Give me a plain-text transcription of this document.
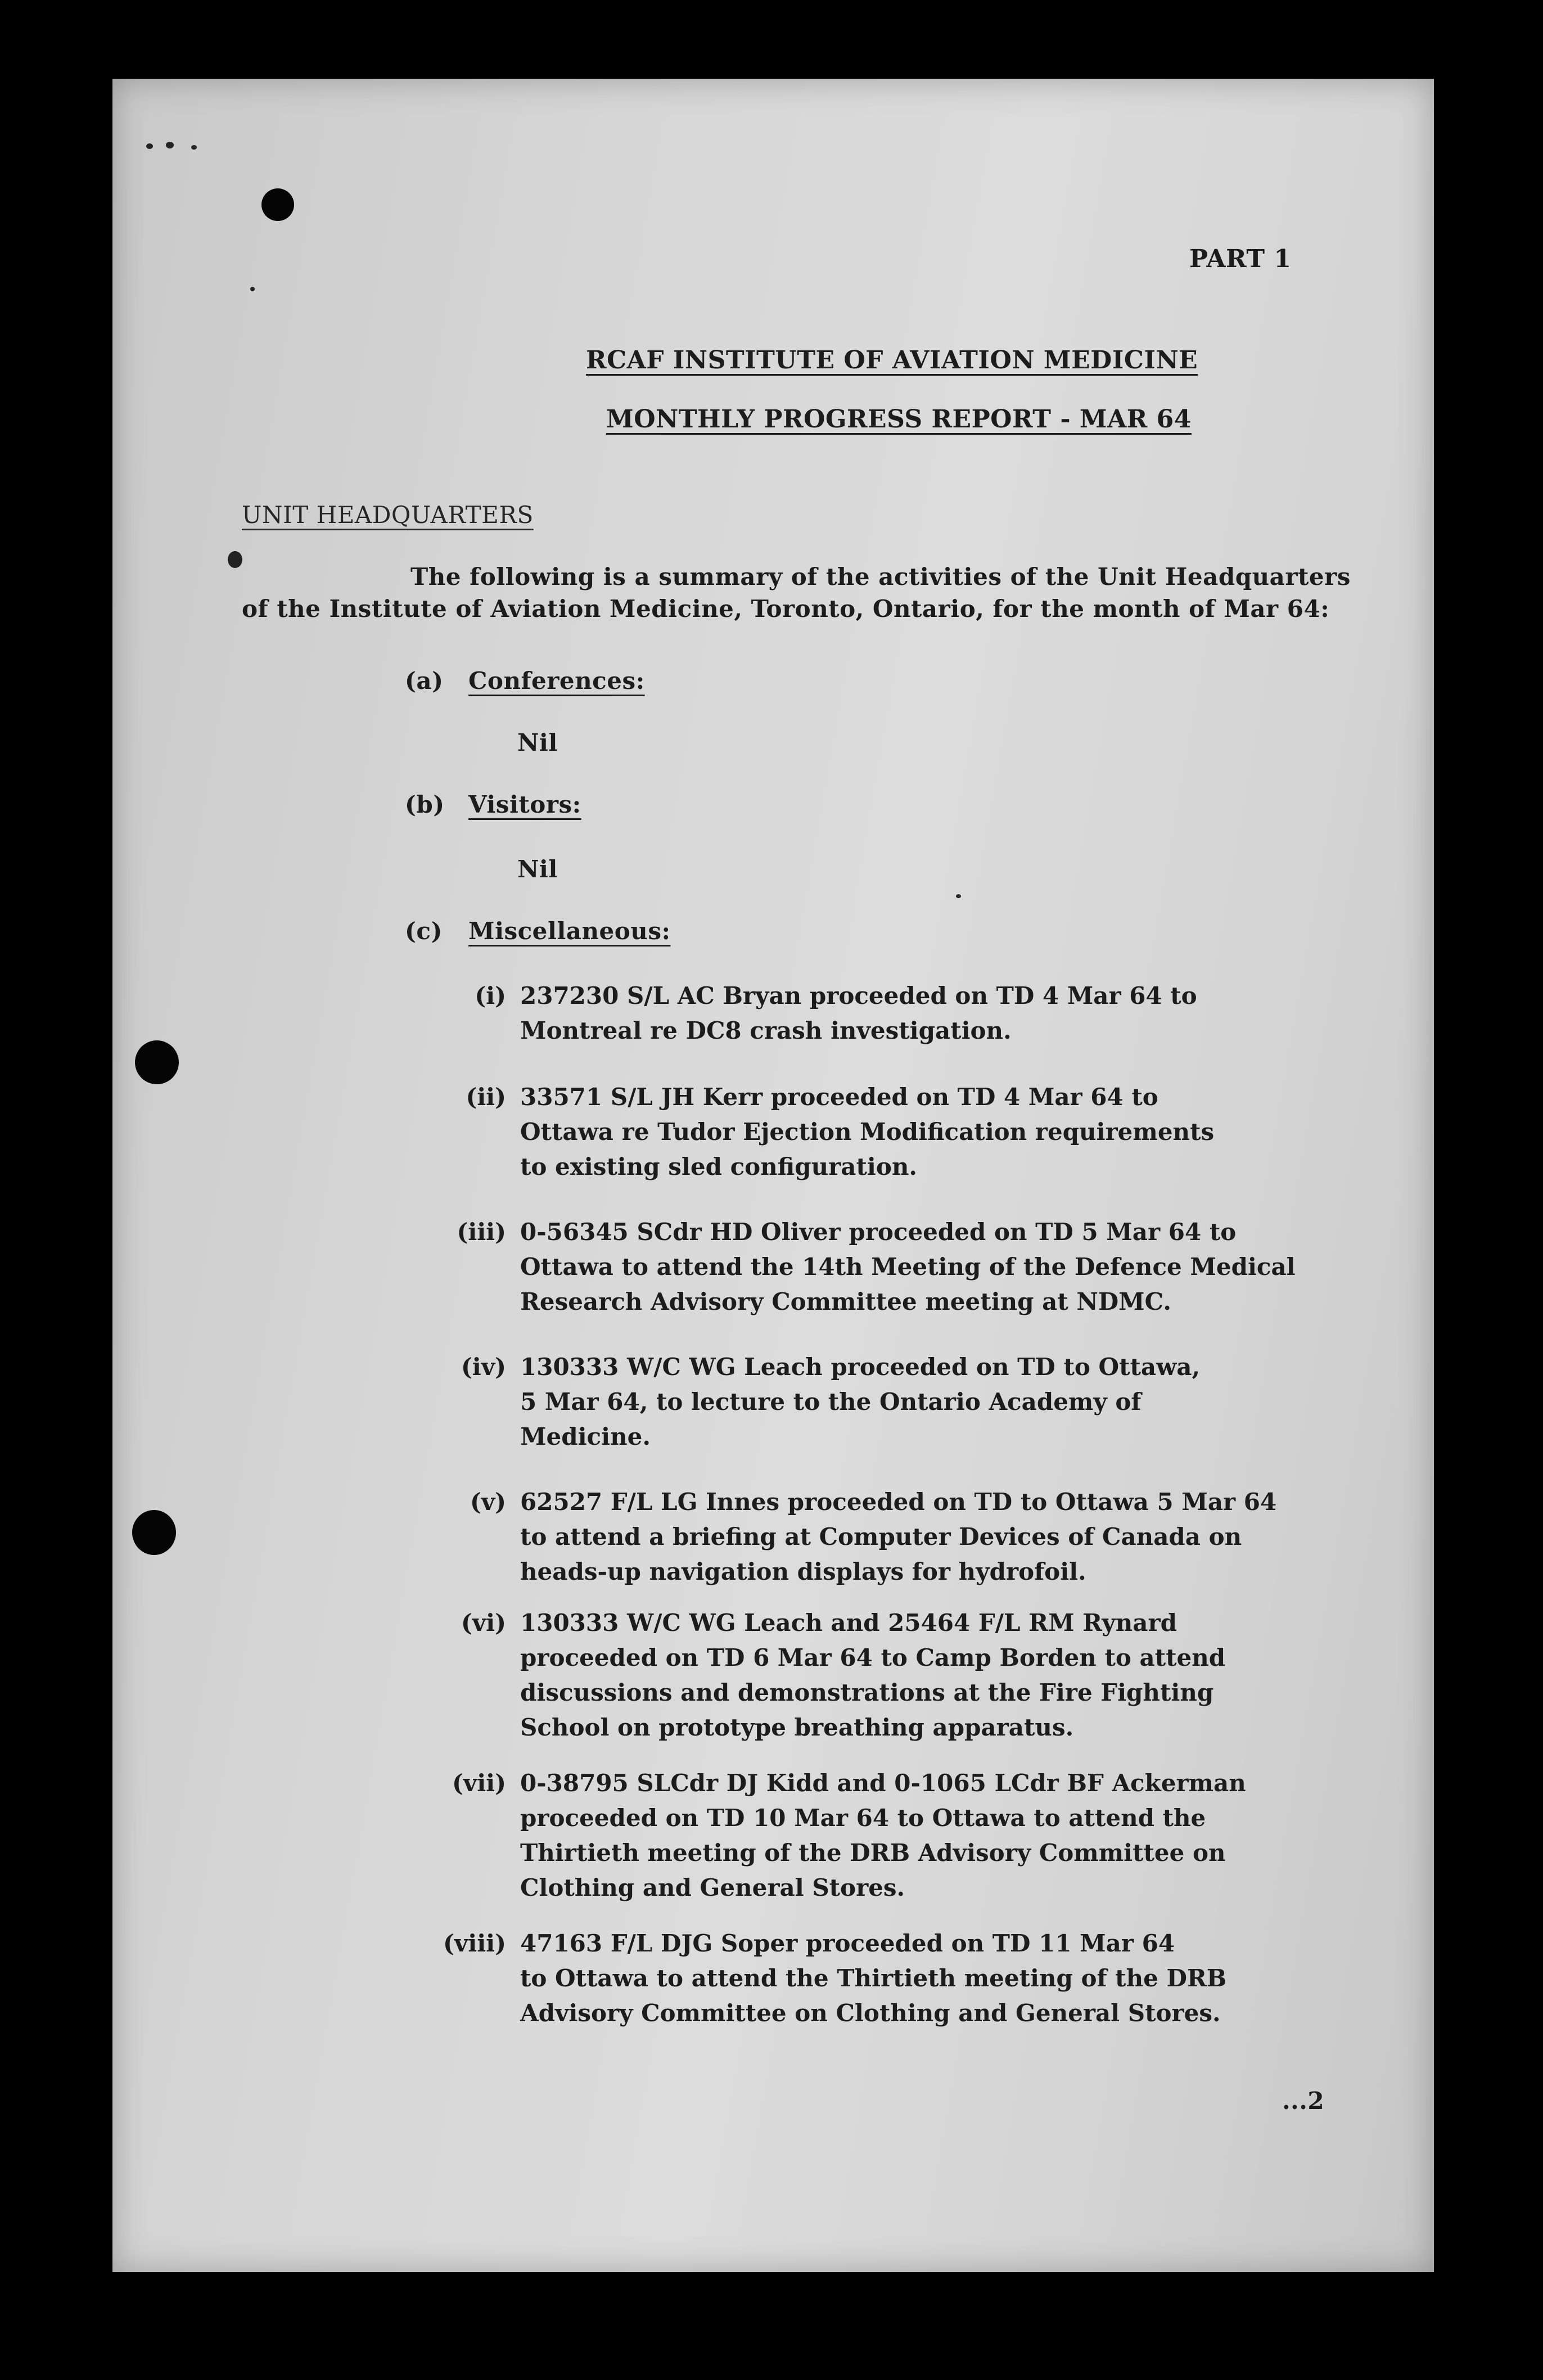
PART 1

RCAF INSTITUTE OF AVIATION MEDICINE

MONTHLY PROGRESS REPORT - MAR 64

UNIT HEADQUARTERS

The following is a summary of the activities of the Unit Headquarters

of the Institute of Aviation Medicine, Toronto, Ontario, for the month of Mar 64:

(a) Conferences:

Nil

(b) Visitors:

Nil

(c) Miscellaneous:

(i) 237230 S/L AC Bryan proceeded on TD 4 Mar 64 to
Montreal re DC8 crash investigation.

(ii) 33571 S/L JH Kerr proceeded on TD 4 Mar 64 to
Ottawa re Tudor Ejection Modification requirements
to existing sled configuration.

(iii) 0-56345 SCdr HD Oliver proceeded on TD 5 Mar 64 to
Ottawa to attend the 14th Meeting of the Defence Medical
Research Advisory Committee meeting at NDMC.

(iv) 130333 W/C WG Leach proceeded on TD to Ottawa,
5 Mar 64, to lecture to the Ontario Academy of
Medicine.

(v) 62527 F/L LG Innes proceeded on TD to Ottawa 5 Mar 64
to attend a briefing at Computer Devices of Canada on
heads-up navigation displays for hydrofoil.

(vi) 130333 W/C WG Leach and 25464 F/L RM Rynard
proceeded on TD 6 Mar 64 to Camp Borden to attend
discussions and demonstrations at the Fire Fighting
School on prototype breathing apparatus.

(vii) 0-38795 SLCdr DJ Kidd and 0-1065 LCdr BF Ackerman
proceeded on TD 10 Mar 64 to Ottawa to attend the
Thirtieth meeting of the DRB Advisory Committee on
Clothing and General Stores.

(viii) 47163 F/L DJG Soper proceeded on TD 11 Mar 64
to Ottawa to attend the Thirtieth meeting of the DRB
Advisory Committee on Clothing and General Stores.

...2
